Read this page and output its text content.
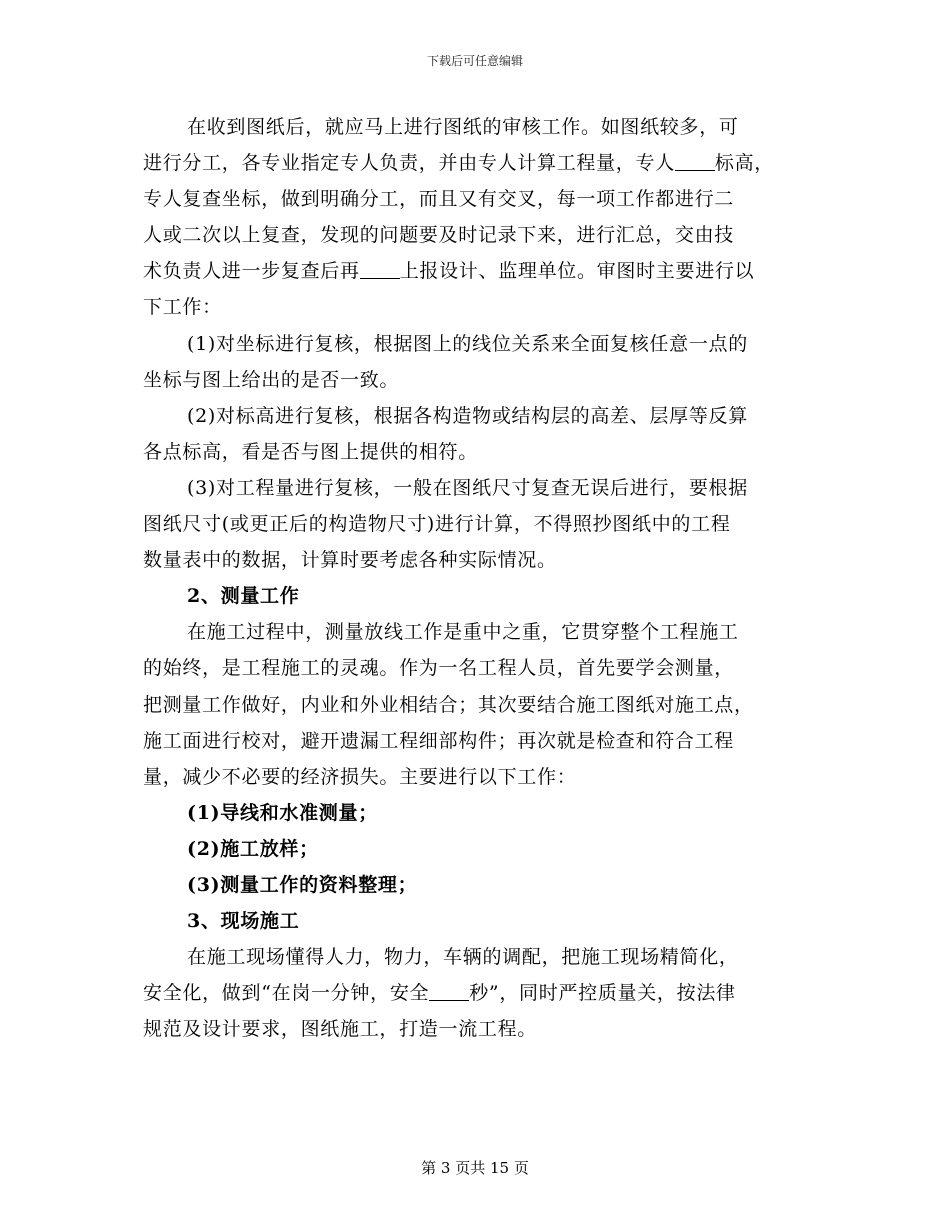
下载后可任意编辑
在收到图纸后，就应马上进行图纸的审核工作。如图纸较多，可
进行分工，各专业指定专人负责，并由专人计算工程量，专人 标高，
专人复查坐标，做到明确分工，而且又有交叉，每一项工作都进行二
人或二次以上复查，发现的问题要及时记录下来，进行汇总，交由技
术负责人进一步复查后再 上报设计、监理单位。审图时主要进行以
下工作：
(1)对坐标进行复核，根据图上的线位关系来全面复核任意一点的
坐标与图上给出的是否一致。
(2)对标高进行复核，根据各构造物或结构层的高差、层厚等反算
各点标高，看是否与图上提供的相符。
(3)对工程量进行复核，一般在图纸尺寸复查无误后进行，要根据
图纸尺寸(或更正后的构造物尺寸)进行计算，不得照抄图纸中的工程
数量表中的数据，计算时要考虑各种实际情况。
2、测量工作
在施工过程中，测量放线工作是重中之重，它贯穿整个工程施工
的始终，是工程施工的灵魂。作为一名工程人员，首先要学会测量，
把测量工作做好，内业和外业相结合；其次要结合施工图纸对施工点，
施工面进行校对，避开遗漏工程细部构件；再次就是检查和符合工程
量，减少不必要的经济损失。主要进行以下工作：
(1)导线和水准测量；
(2)施工放样；
(3)测量工作的资料整理；
3、现场施工
在施工现场懂得人力，物力，车辆的调配，把施工现场精简化，
安全化，做到“在岗一分钟，安全 秒”，同时严控质量关，按法律
规范及设计要求，图纸施工，打造一流工程。
第 3 页共 15 页
